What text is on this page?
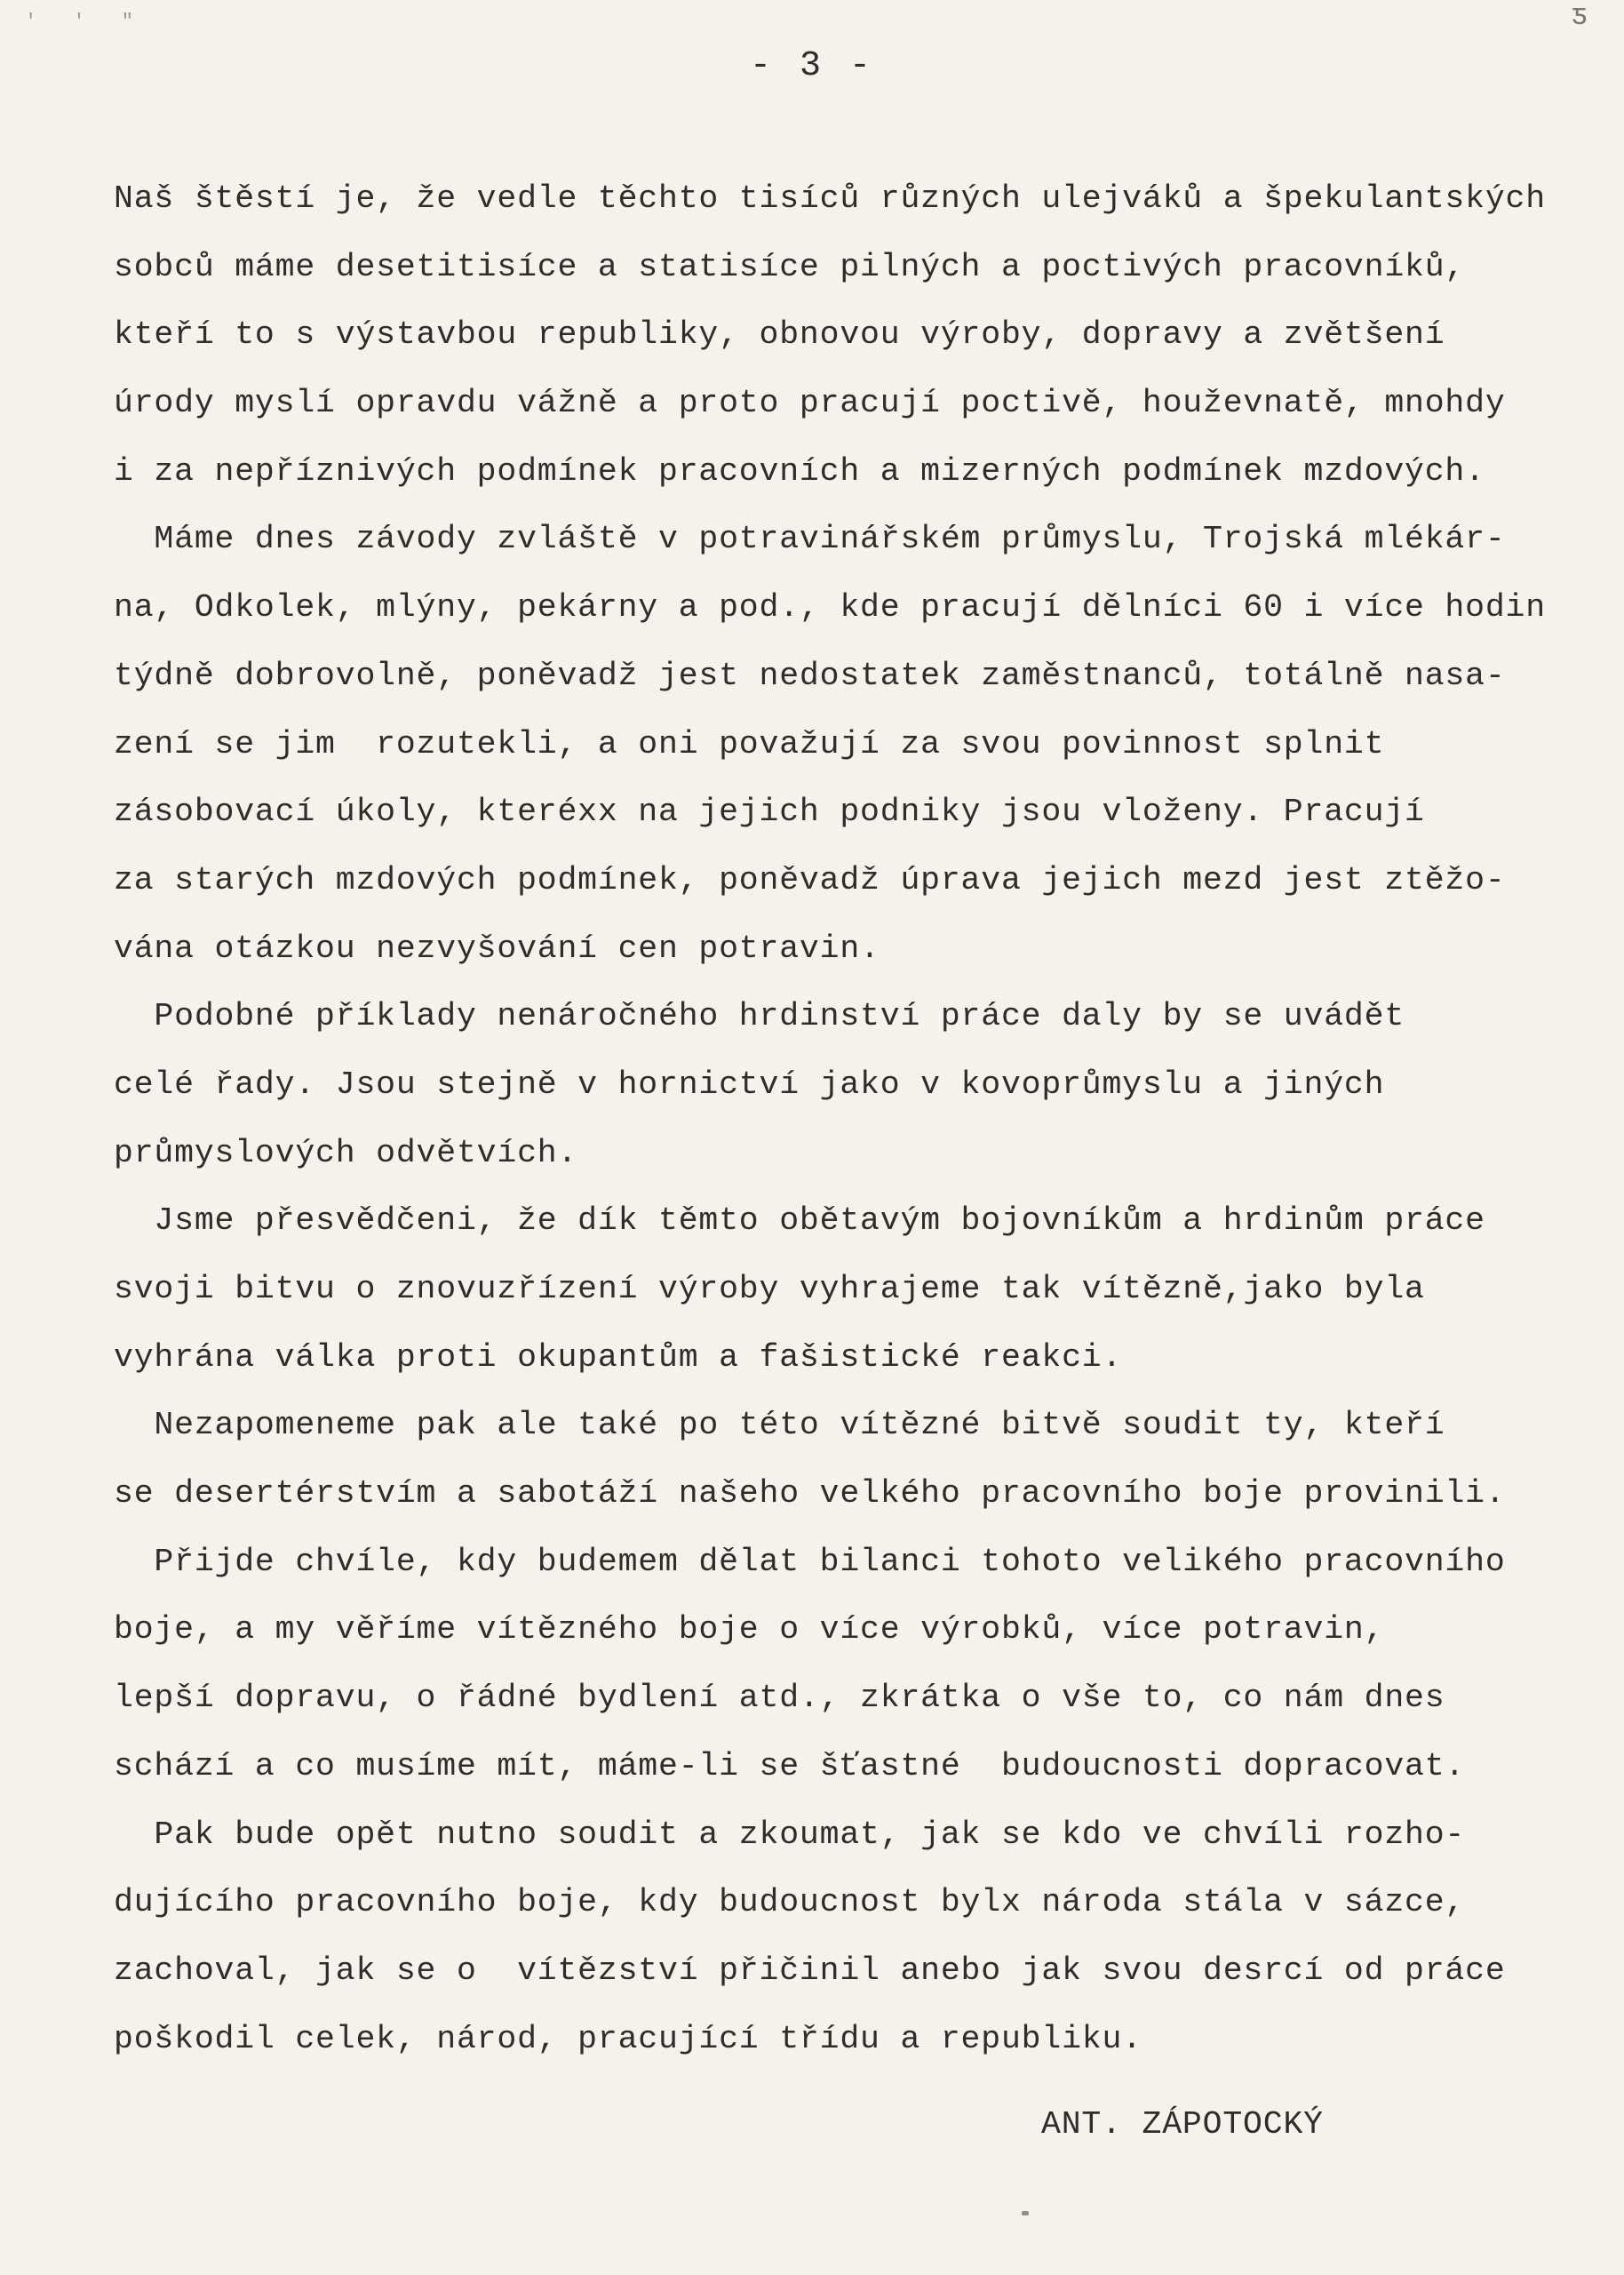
' ' "	ƽ
- 3 -
Naš štěstí je, že vedle těchto tisíců různých ulejváků a špekulantských
sobců máme desetitisíce a statisíce pilných a poctivých pracovníků,
kteří to s výstavbou republiky, obnovou výroby, dopravy a zvětšení
úrody myslí opravdu vážně a proto pracují poctivě, houževnatě, mnohdy
i za nepříznivých podmínek pracovních a mizerných podmínek mzdových.
Máme dnes závody zvláště v potravinářském průmyslu, Trojská mlékár-
na, Odkolek, mlýny, pekárny a pod., kde pracují dělníci 60 i více hodin
týdně dobrovolně, poněvadž jest nedostatek zaměstnanců, totálně nasa-
zení se jim  rozutekli, a oni považují za svou povinnost splnit
zásobovací úkoly, kteréxx na jejich podniky jsou vloženy. Pracují
za starých mzdových podmínek, poněvadž úprava jejich mezd jest ztěžo-
vána otázkou nezvyšování cen potravin.
Podobné příklady nenáročného hrdinství práce daly by se uvádět
celé řady. Jsou stejně v hornictví jako v kovoprůmyslu a jiných
průmyslových odvětvích.
Jsme přesvědčeni, že dík těmto obětavým bojovníkům a hrdinům práce
svoji bitvu o znovuzřízení výroby vyhrajeme tak vítězně,jako byla
vyhrána válka proti okupantům a fašistické reakci.
Nezapomeneme pak ale také po této vítězné bitvě soudit ty, kteří
se desertérstvím a sabotáží našeho velkého pracovního boje provinili.
Přijde chvíle, kdy budemem dělat bilanci tohoto velikého pracovního
boje, a my věříme vítězného boje o více výrobků, více potravin,
lepší dopravu, o řádné bydlení atd., zkrátka o vše to, co nám dnes
schází a co musíme mít, máme-li se šťastné  budoucnosti dopracovat.
Pak bude opět nutno soudit a zkoumat, jak se kdo ve chvíli rozho-
dujícího pracovního boje, kdy budoucnost bylx národa stála v sázce,
zachoval, jak se o  vítězství přičinil anebo jak svou desrcí od práce
poškodil celek, národ, pracující třídu a republiku.
ANT. ZÁPOTOCKÝ
